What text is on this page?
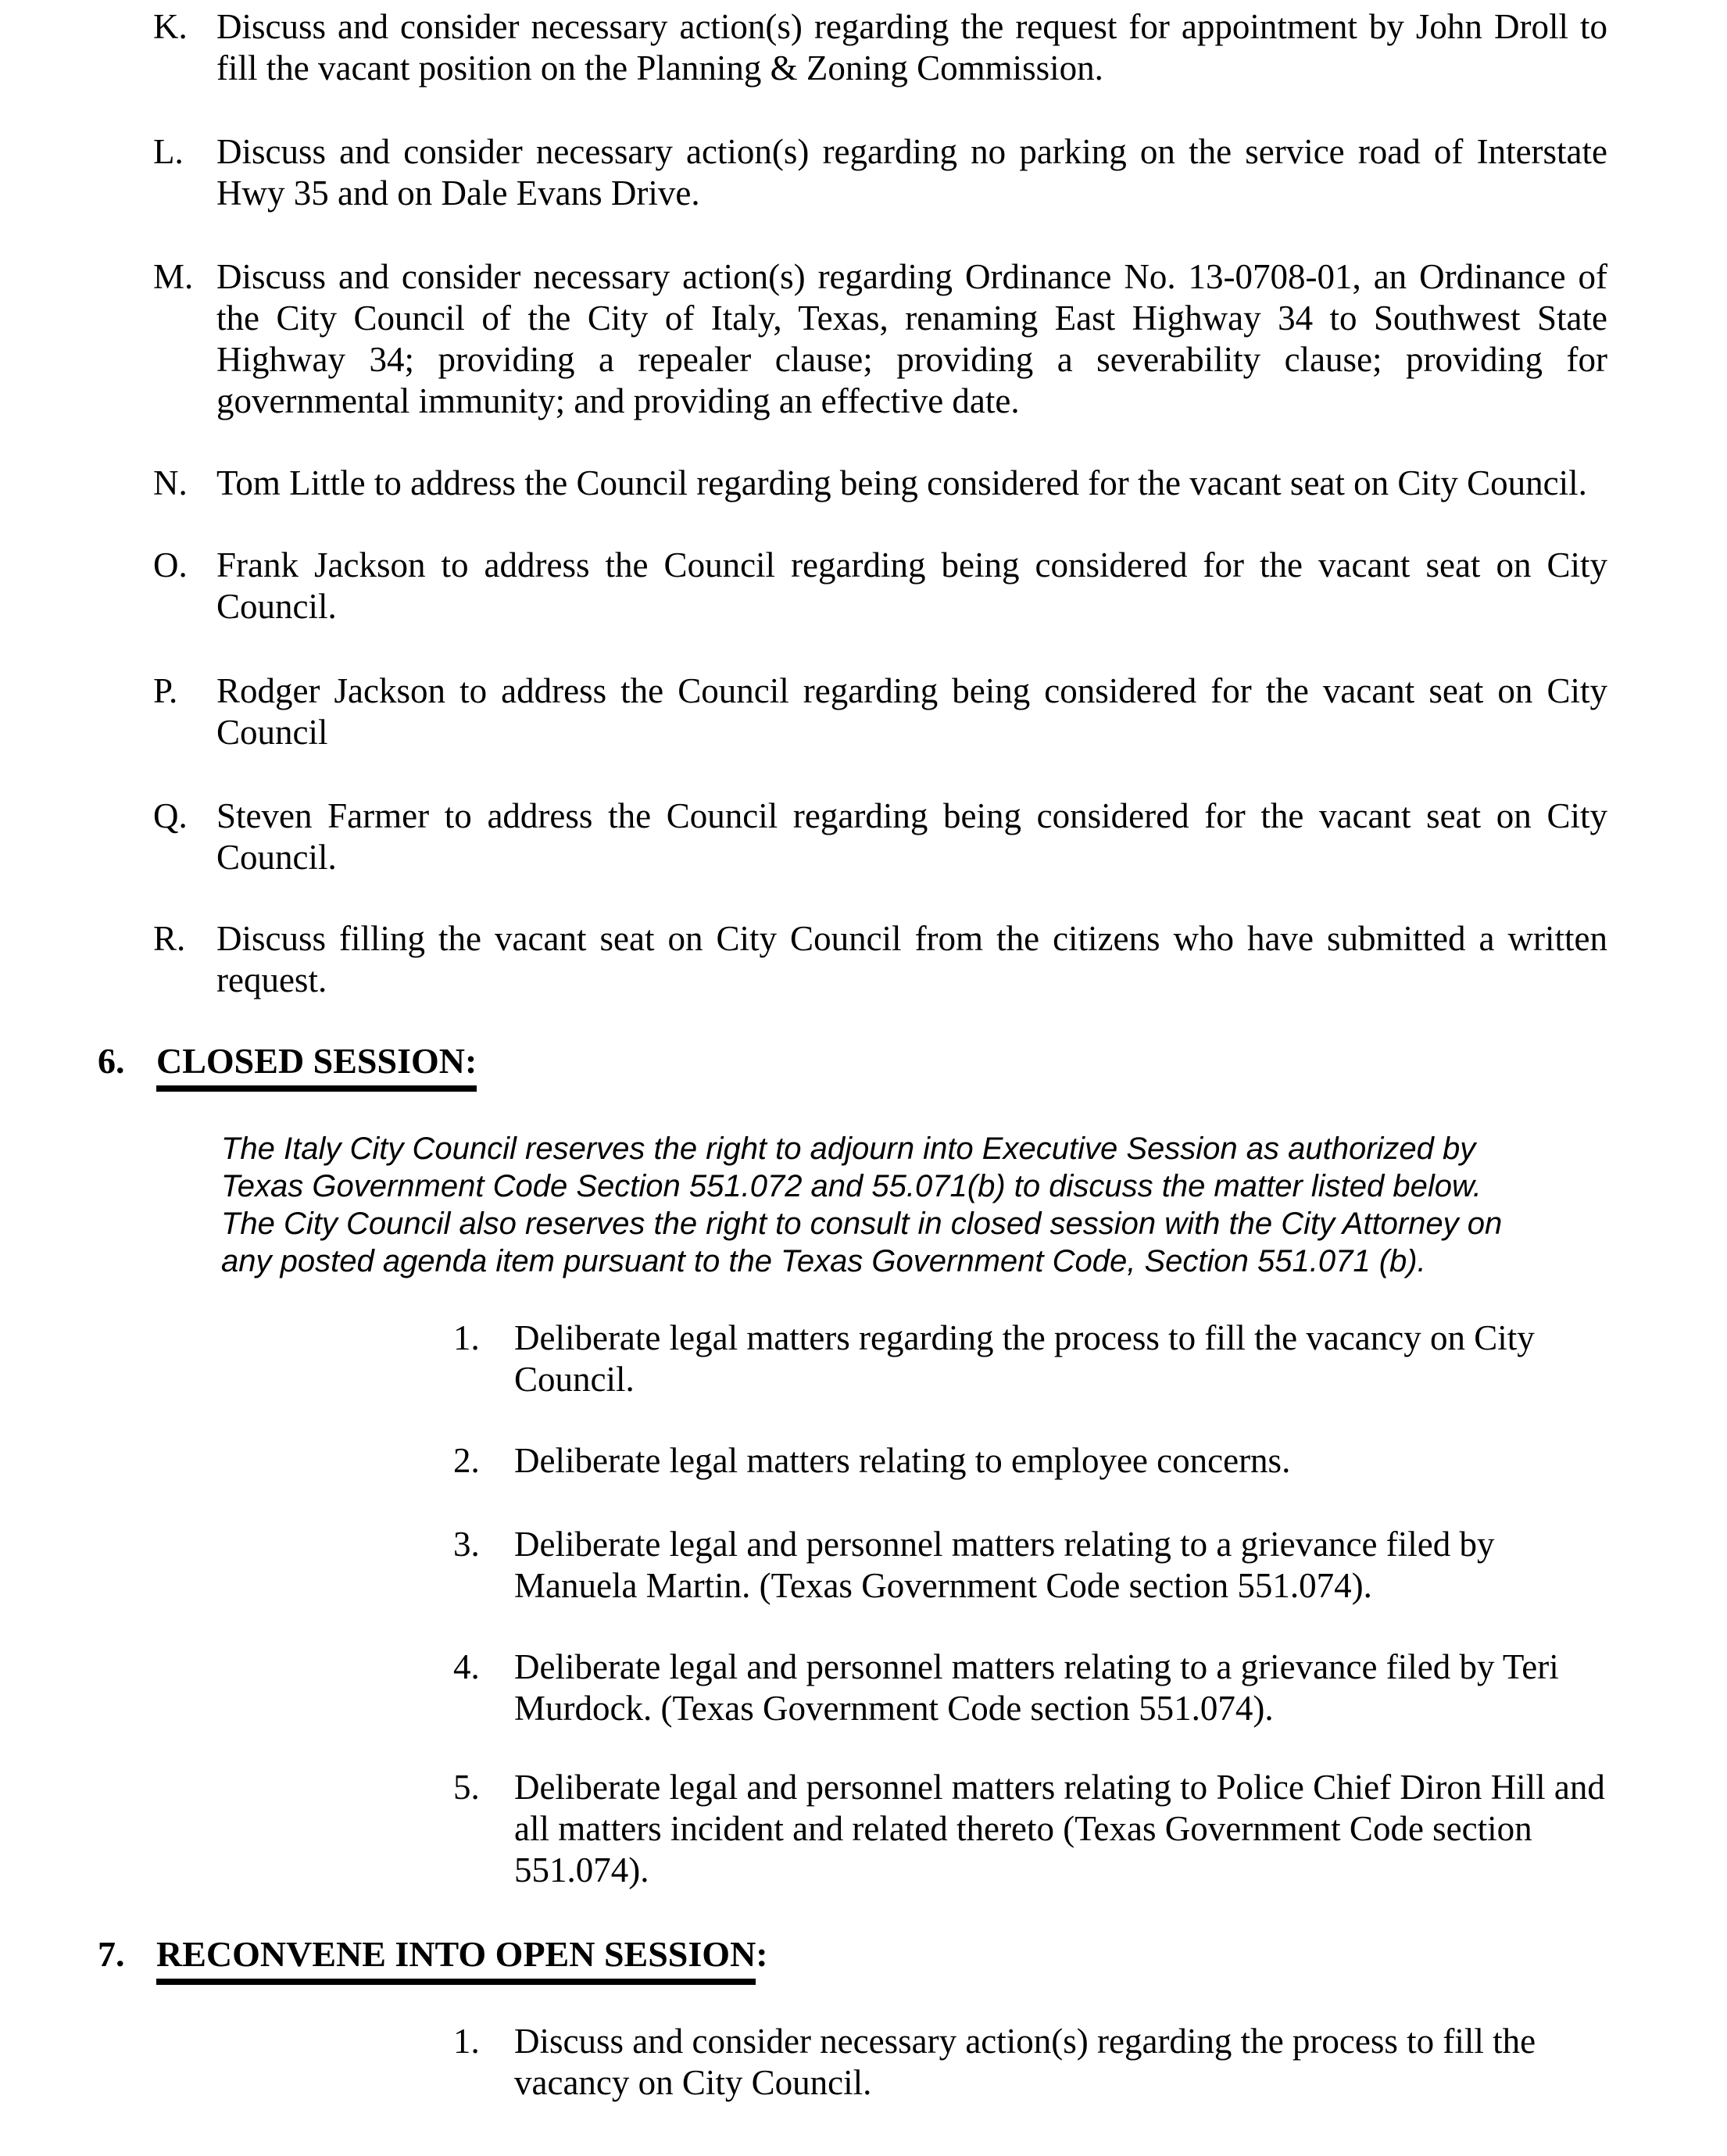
K. Discuss and consider necessary action(s) regarding the request for appointment by John Droll to fill the vacant position on the Planning & Zoning Commission.
L. Discuss and consider necessary action(s) regarding no parking on the service road of Interstate Hwy 35 and on Dale Evans Drive.
M. Discuss and consider necessary action(s) regarding Ordinance No. 13-0708-01, an Ordinance of the City Council of the City of Italy, Texas, renaming East Highway 34 to Southwest State Highway 34; providing a repealer clause; providing a severability clause; providing for governmental immunity; and providing an effective date.
N. Tom Little to address the Council regarding being considered for the vacant seat on City Council.
O. Frank Jackson to address the Council regarding being considered for the vacant seat on City Council.
P. Rodger Jackson to address the Council regarding being considered for the vacant seat on City Council
Q. Steven Farmer to address the Council regarding being considered for the vacant seat on City Council.
R. Discuss filling the vacant seat on City Council from the citizens who have submitted a written request.
6. CLOSED SESSION:
The Italy City Council reserves the right to adjourn into Executive Session as authorized by Texas Government Code Section 551.072 and 55.071(b) to discuss the matter listed below. The City Council also reserves the right to consult in closed session with the City Attorney on any posted agenda item pursuant to the Texas Government Code, Section 551.071 (b).
1. Deliberate legal matters regarding the process to fill the vacancy on City Council.
2. Deliberate legal matters relating to employee concerns.
3. Deliberate legal and personnel matters relating to a grievance filed by Manuela Martin. (Texas Government Code section 551.074).
4. Deliberate legal and personnel matters relating to a grievance filed by Teri Murdock. (Texas Government Code section 551.074).
5. Deliberate legal and personnel matters relating to Police Chief Diron Hill and all matters incident and related thereto (Texas Government Code section 551.074).
7. RECONVENE INTO OPEN SESSION:
1. Discuss and consider necessary action(s) regarding the process to fill the vacancy on City Council.
